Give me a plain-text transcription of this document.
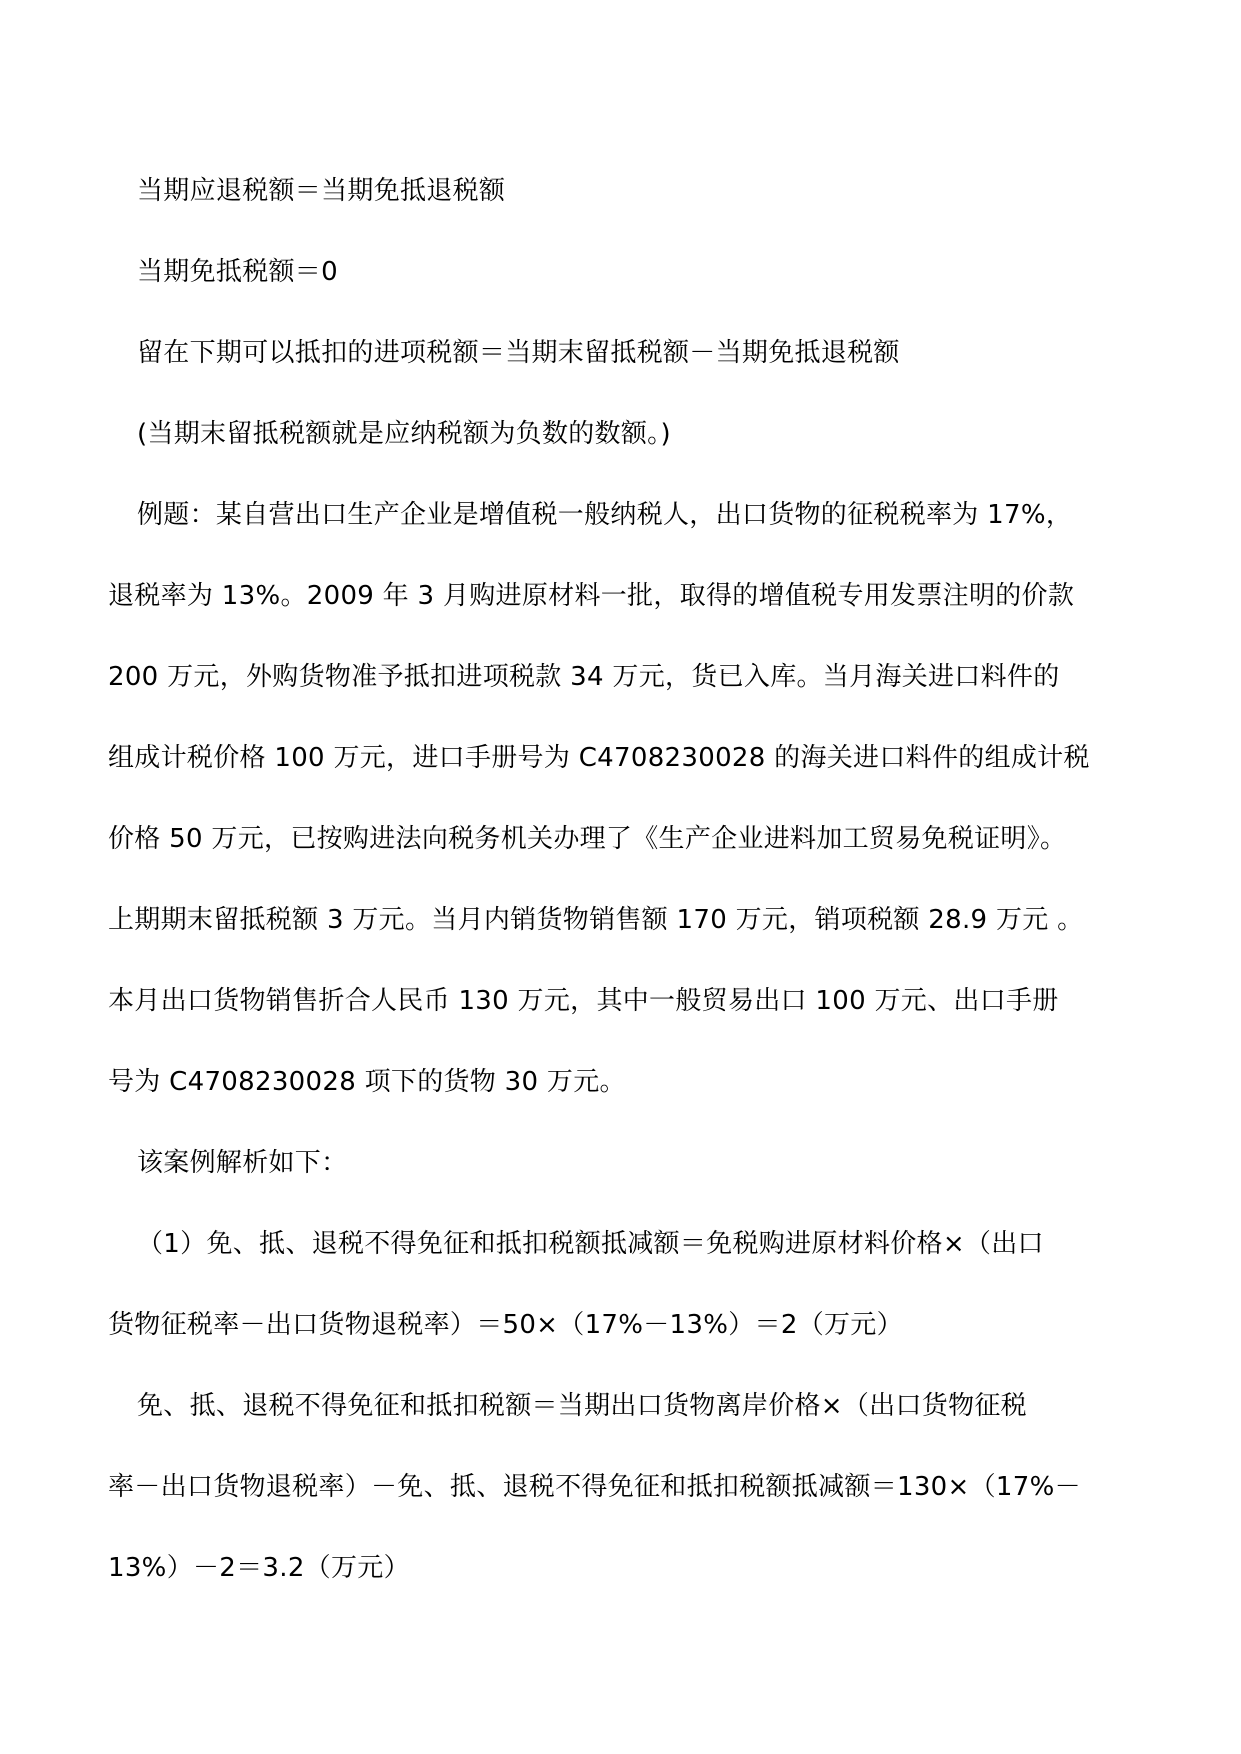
当期应退税额＝当期免抵退税额
当期免抵税额＝0
留在下期可以抵扣的进项税额＝当期末留抵税额－当期免抵退税额
(当期末留抵税额就是应纳税额为负数的数额。)
例题：某自营出口生产企业是增值税一般纳税人，出口货物的征税税率为 17%，
退税率为 13%。2009 年 3 月购进原材料一批，取得的增值税专用发票注明的价款
200 万元，外购货物准予抵扣进项税款 34 万元，货已入库。当月海关进口料件的
组成计税价格 100 万元，进口手册号为 C4708230028 的海关进口料件的组成计税
价格 50 万元，已按购进法向税务机关办理了《生产企业进料加工贸易免税证明》。
上期期末留抵税额 3 万元。当月内销货物销售额 170 万元，销项税额 28.9 万元 。
本月出口货物销售折合人民币 130 万元，其中一般贸易出口 100 万元、出口手册
号为 C4708230028 项下的货物 30 万元。
该案例解析如下：
（1）免、抵、退税不得免征和抵扣税额抵减额＝免税购进原材料价格×（出口
货物征税率－出口货物退税率）＝50×（17%－13%）＝2（万元）
免、抵、退税不得免征和抵扣税额＝当期出口货物离岸价格×（出口货物征税
率－出口货物退税率）－免、抵、退税不得免征和抵扣税额抵减额＝130×（17%－
13%）－2＝3.2（万元）
